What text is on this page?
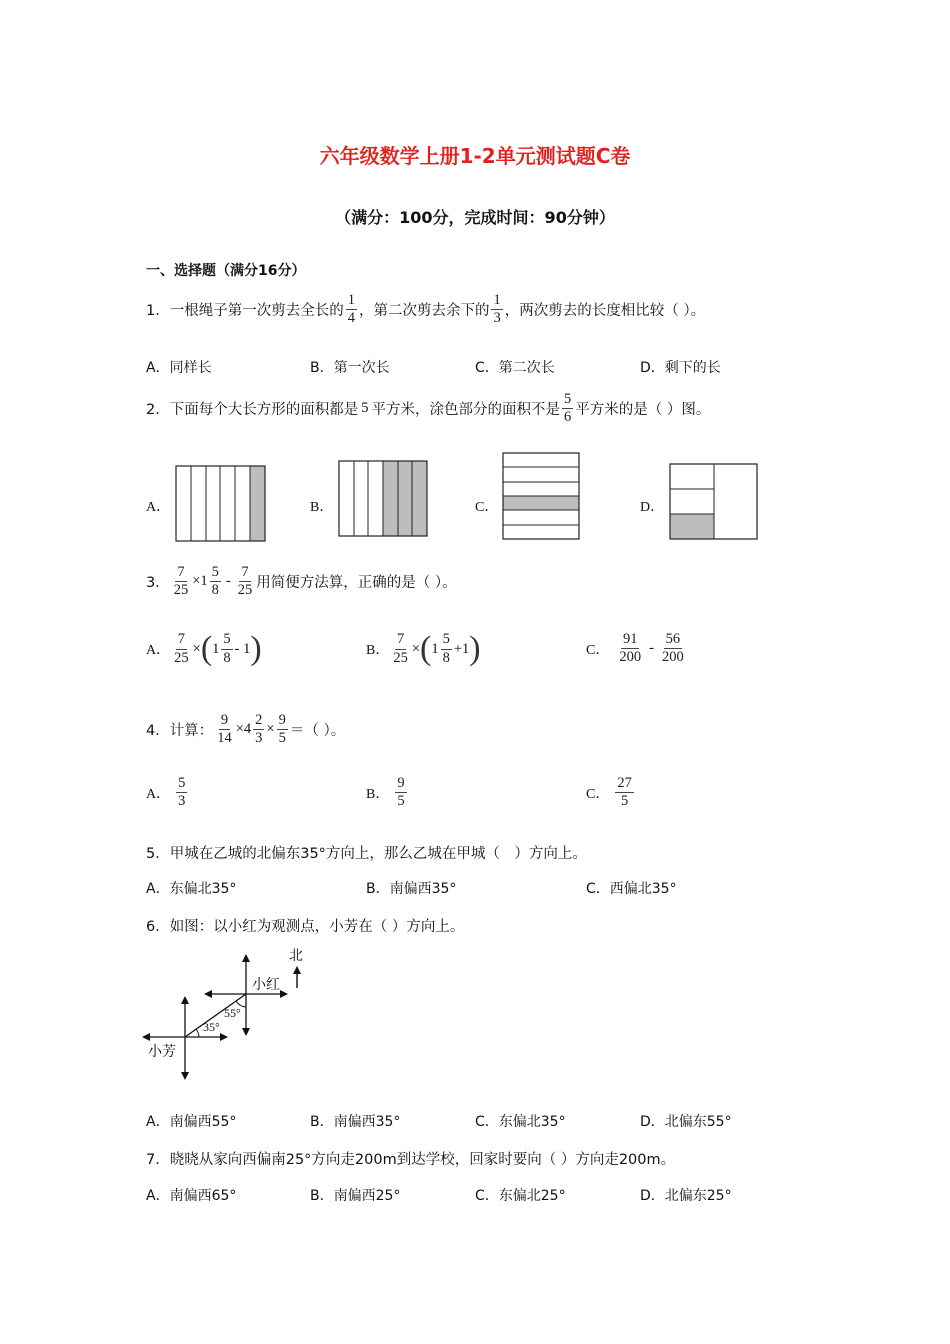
六年级数学上册1-2单元测试题C卷
（满分：100分，完成时间：90分钟）
一、选择题（满分16分）
1．一根绳子第一次剪去全长的 $\frac{1}{4}$ ，第二次剪去余下的 $\frac{1}{3}$ ，两次剪去的长度相比较（ ）。
A．同样长	B．第一次长	C．第二次长	D．剩下的长
2．下面每个大长方形的面积都是 5 平方米，涂色部分的面积不是 $\frac{5}{6}$ 平方米的是（ ）图。
A．	B．	C．	D．
3． $\frac{7}{25} \times 1 \frac{5}{8} - \frac{7}{25}$ 用简便方法算，正确的是（ ）。
A． $\frac{7}{25}$ × ( $1 \frac{5}{8} - 1$ )	B． $\frac{7}{25}$ × ( $1 \frac{5}{8} +1$ )	C． $\frac{91}{200} - \frac{56}{200}$
4．计算： $\frac{9}{14} \times 4 \frac{2}{3} \times \frac{9}{5}$ ＝（ ）。
A． $\frac{5}{3}$	B． $\frac{9}{5}$	C． $\frac{27}{5}$
5．甲城在乙城的北偏东35°方向上，那么乙城在甲城（　）方向上。
A．东偏北35°	B．南偏西35°	C．西偏北35°
6．如图：以小红为观测点，小芳在（ ）方向上。
北
小红
小芳
55°
35°
A．南偏西55°	B．南偏西35°	C．东偏北35°	D．北偏东55°
7．晓晓从家向西偏南25°方向走200m到达学校，回家时要向（ ）方向走200m。
A．南偏西65°	B．南偏西25°	C．东偏北25°	D．北偏东25°
